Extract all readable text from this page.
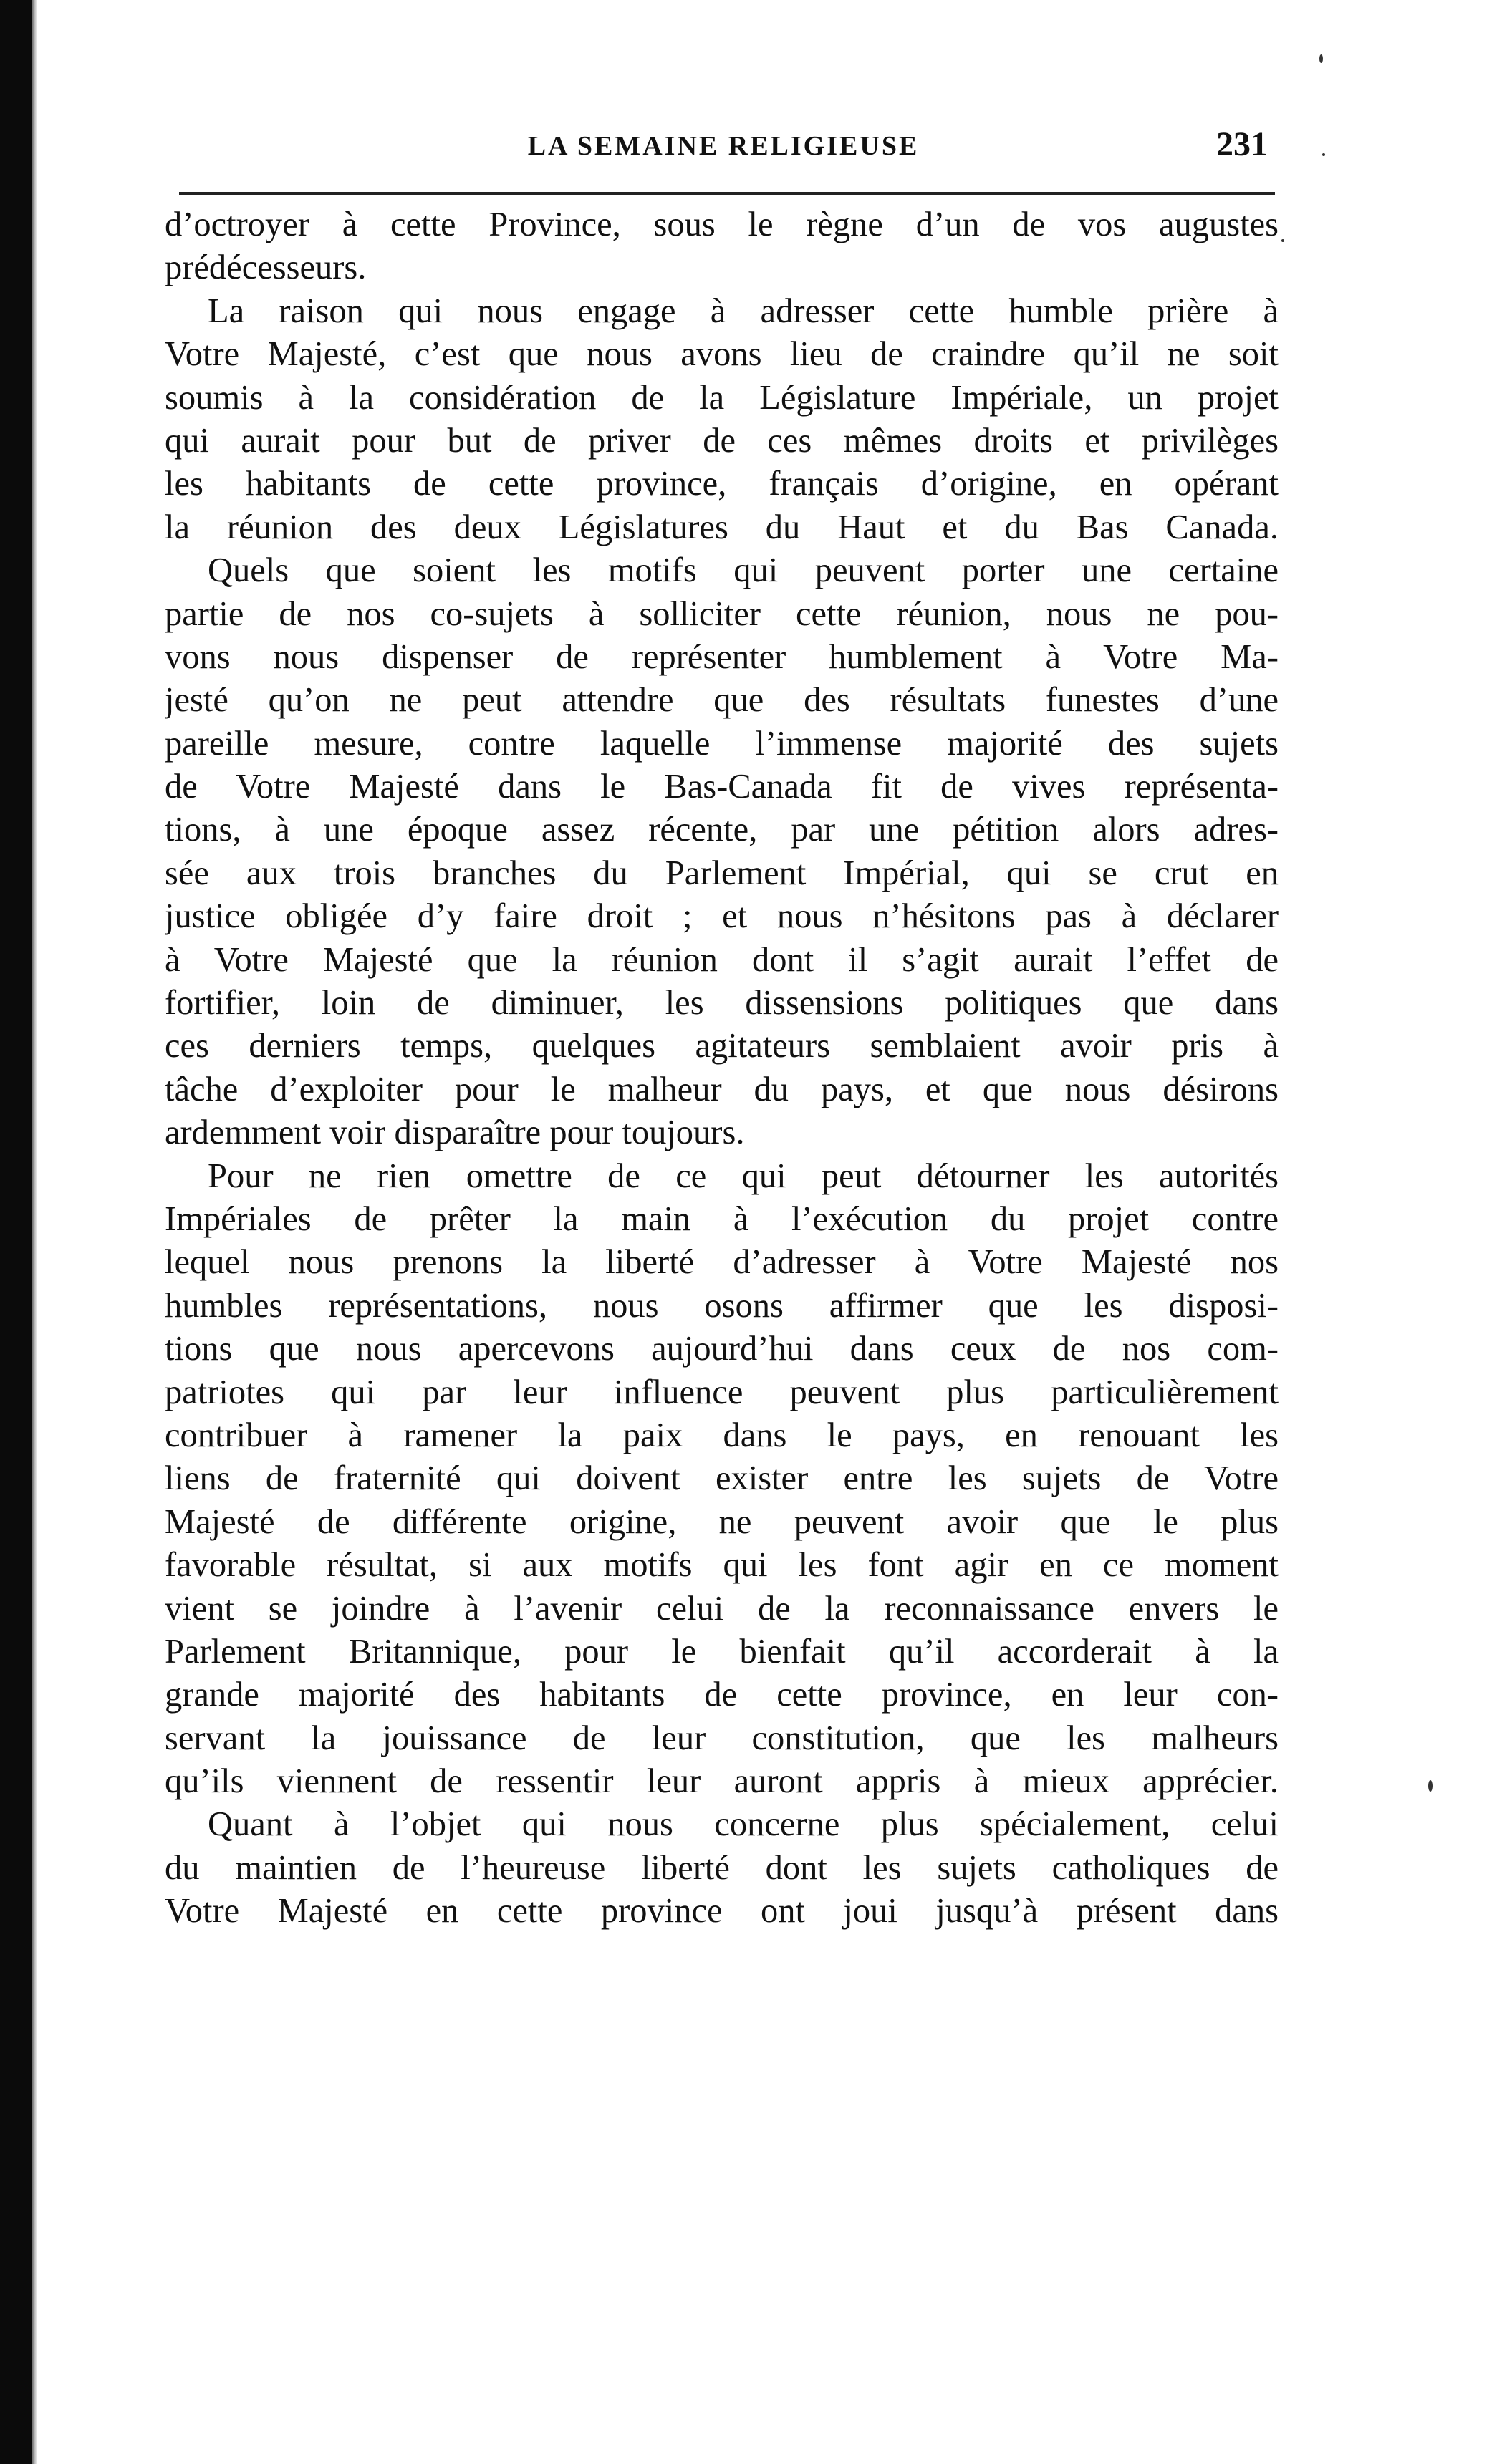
LA SEMAINE RELIGIEUSE	231
d’octroyer à cette Province, sous le règne d’un de vos augustes
prédécesseurs.
La raison qui nous engage à adresser cette humble prière à
Votre Majesté, c’est que nous avons lieu de craindre qu’il ne soit
soumis à la considération de la Législature Impériale, un projet
qui aurait pour but de priver de ces mêmes droits et privilèges
les habitants de cette province, français d’origine, en opérant
la réunion des deux Législatures du Haut et du Bas Canada.
Quels que soient les motifs qui peuvent porter une certaine
partie de nos co-sujets à solliciter cette réunion, nous ne pou-
vons nous dispenser de représenter humblement à Votre Ma-
jesté qu’on ne peut attendre que des résultats funestes d’une
pareille mesure, contre laquelle l’immense majorité des sujets
de Votre Majesté dans le Bas-Canada fit de vives représenta-
tions, à une époque assez récente, par une pétition alors adres-
sée aux trois branches du Parlement Impérial, qui se crut en
justice obligée d’y faire droit ; et nous n’hésitons pas à déclarer
à Votre Majesté que la réunion dont il s’agit aurait l’effet de
fortifier, loin de diminuer, les dissensions politiques que dans
ces derniers temps, quelques agitateurs semblaient avoir pris à
tâche d’exploiter pour le malheur du pays, et que nous désirons
ardemment voir disparaître pour toujours.
Pour ne rien omettre de ce qui peut détourner les autorités
Impériales de prêter la main à l’exécution du projet contre
lequel nous prenons la liberté d’adresser à Votre Majesté nos
humbles représentations, nous osons affirmer que les disposi-
tions que nous apercevons aujourd’hui dans ceux de nos com-
patriotes qui par leur influence peuvent plus particulièrement
contribuer à ramener la paix dans le pays, en renouant les
liens de fraternité qui doivent exister entre les sujets de Votre
Majesté de différente origine, ne peuvent avoir que le plus
favorable résultat, si aux motifs qui les font agir en ce moment
vient se joindre à l’avenir celui de la reconnaissance envers le
Parlement Britannique, pour le bienfait qu’il accorderait à la
grande majorité des habitants de cette province, en leur con-
servant la jouissance de leur constitution, que les malheurs
qu’ils viennent de ressentir leur auront appris à mieux apprécier.
Quant à l’objet qui nous concerne plus spécialement, celui
du maintien de l’heureuse liberté dont les sujets catholiques de
Votre Majesté en cette province ont joui jusqu’à présent dans
